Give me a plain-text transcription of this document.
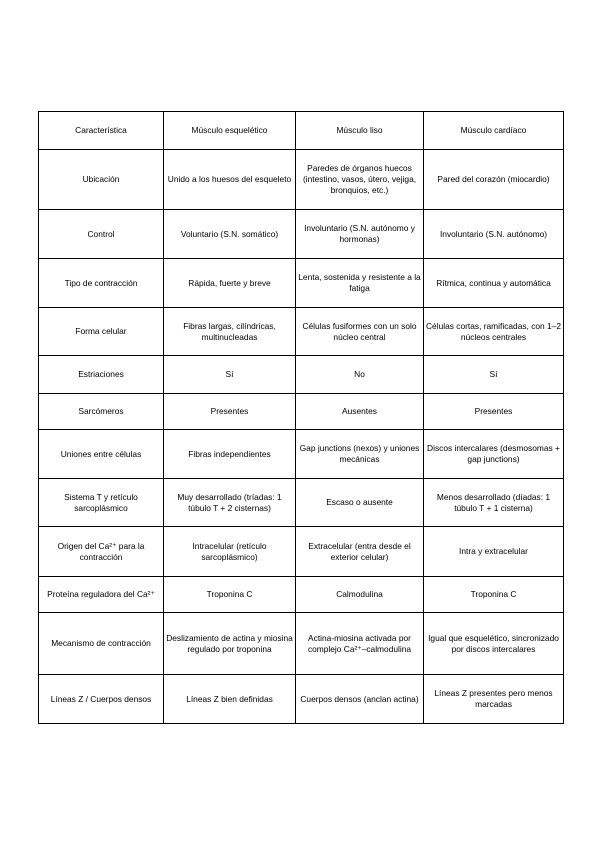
Característica	Músculo esquelético	Músculo liso	Músculo cardíaco
Ubicación	Unido a los huesos del esqueleto	Paredes de órganos huecos (intestino, vasos, útero, vejiga, bronquios, etc.)	Pared del corazón (miocardio)
Control	Voluntario (S.N. somático)	Involuntario (S.N. autónomo y hormonas)	Involuntario (S.N. autónomo)
Tipo de contracción	Rápida, fuerte y breve	Lenta, sostenida y resistente a la fatiga	Rítmica, continua y automática
Forma celular	Fibras largas, cilíndricas, multinucleadas	Células fusiformes con un solo núcleo central	Células cortas, ramificadas, con 1–2 núcleos centrales
Estriaciones	Sí	No	Sí
Sarcómeros	Presentes	Ausentes	Presentes
Uniones entre células	Fibras independientes	Gap junctions (nexos) y uniones mecánicas	Discos intercalares (desmosomas + gap junctions)
Sistema T y retículo sarcoplásmico	Muy desarrollado (tríadas: 1 túbulo T + 2 cisternas)	Escaso o ausente	Menos desarrollado (díadas: 1 túbulo T + 1 cisterna)
Origen del Ca²⁺ para la contracción	Intracelular (retículo sarcoplásmico)	Extracelular (entra desde el exterior celular)	Intra y extracelular
Proteína reguladora del Ca²⁺	Troponina C	Calmodulina	Troponina C
Mecanismo de contracción	Deslizamiento de actina y miosina regulado por troponina	Actina-miosina activada por complejo Ca²⁺–calmodulina	Igual que esquelético, sincronizado por discos intercalares
Líneas Z / Cuerpos densos	Líneas Z bien definidas	Cuerpos densos (anclan actina)	Líneas Z presentes pero menos marcadas
